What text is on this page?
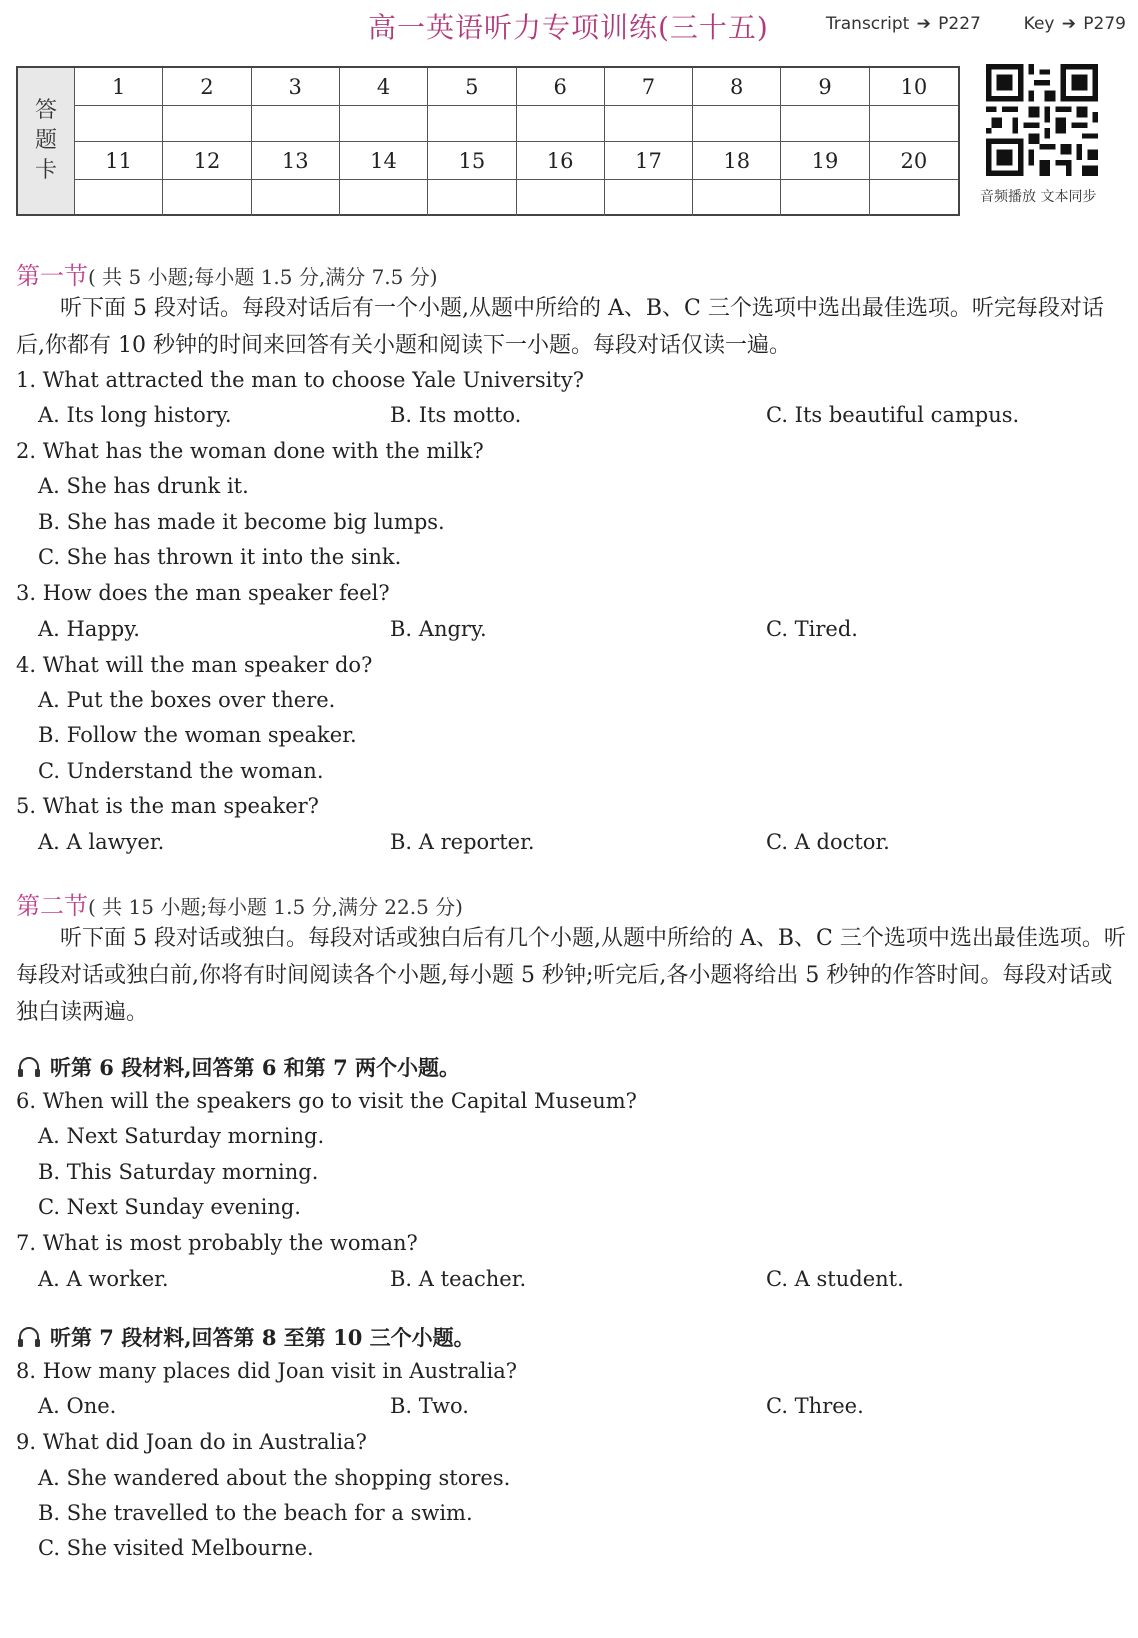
高一英语听力专项训练(三十五)	Transcript ➔ P227	Key ➔ P279
答
题
卡
1	2	3	4	5	6	7	8	9	10
11	12	13	14	15	16	17	18	19	20
音频播放 文本同步
第一节( 共 5 小题;每小题 1.5 分,满分 7.5 分)
听下面 5 段对话。每段对话后有一个小题,从题中所给的 A、B、C 三个选项中选出最佳选项。听完每段对话后,你都有 10 秒钟的时间来回答有关小题和阅读下一小题。每段对话仅读一遍。
1. What attracted the man to choose Yale University?
A. Its long history.	B. Its motto.	C. Its beautiful campus.
2. What has the woman done with the milk?
A. She has drunk it.
B. She has made it become big lumps.
C. She has thrown it into the sink.
3. How does the man speaker feel?
A. Happy.	B. Angry.	C. Tired.
4. What will the man speaker do?
A. Put the boxes over there.
B. Follow the woman speaker.
C. Understand the woman.
5. What is the man speaker?
A. A lawyer.	B. A reporter.	C. A doctor.
第二节( 共 15 小题;每小题 1.5 分,满分 22.5 分)
听下面 5 段对话或独白。每段对话或独白后有几个小题,从题中所给的 A、B、C 三个选项中选出最佳选项。听每段对话或独白前,你将有时间阅读各个小题,每小题 5 秒钟;听完后,各小题将给出 5 秒钟的作答时间。每段对话或独白读两遍。
听第 6 段材料,回答第 6 和第 7 两个小题。
6. When will the speakers go to visit the Capital Museum?
A. Next Saturday morning.
B. This Saturday morning.
C. Next Sunday evening.
7. What is most probably the woman?
A. A worker.	B. A teacher.	C. A student.
听第 7 段材料,回答第 8 至第 10 三个小题。
8. How many places did Joan visit in Australia?
A. One.	B. Two.	C. Three.
9. What did Joan do in Australia?
A. She wandered about the shopping stores.
B. She travelled to the beach for a swim.
C. She visited Melbourne.
